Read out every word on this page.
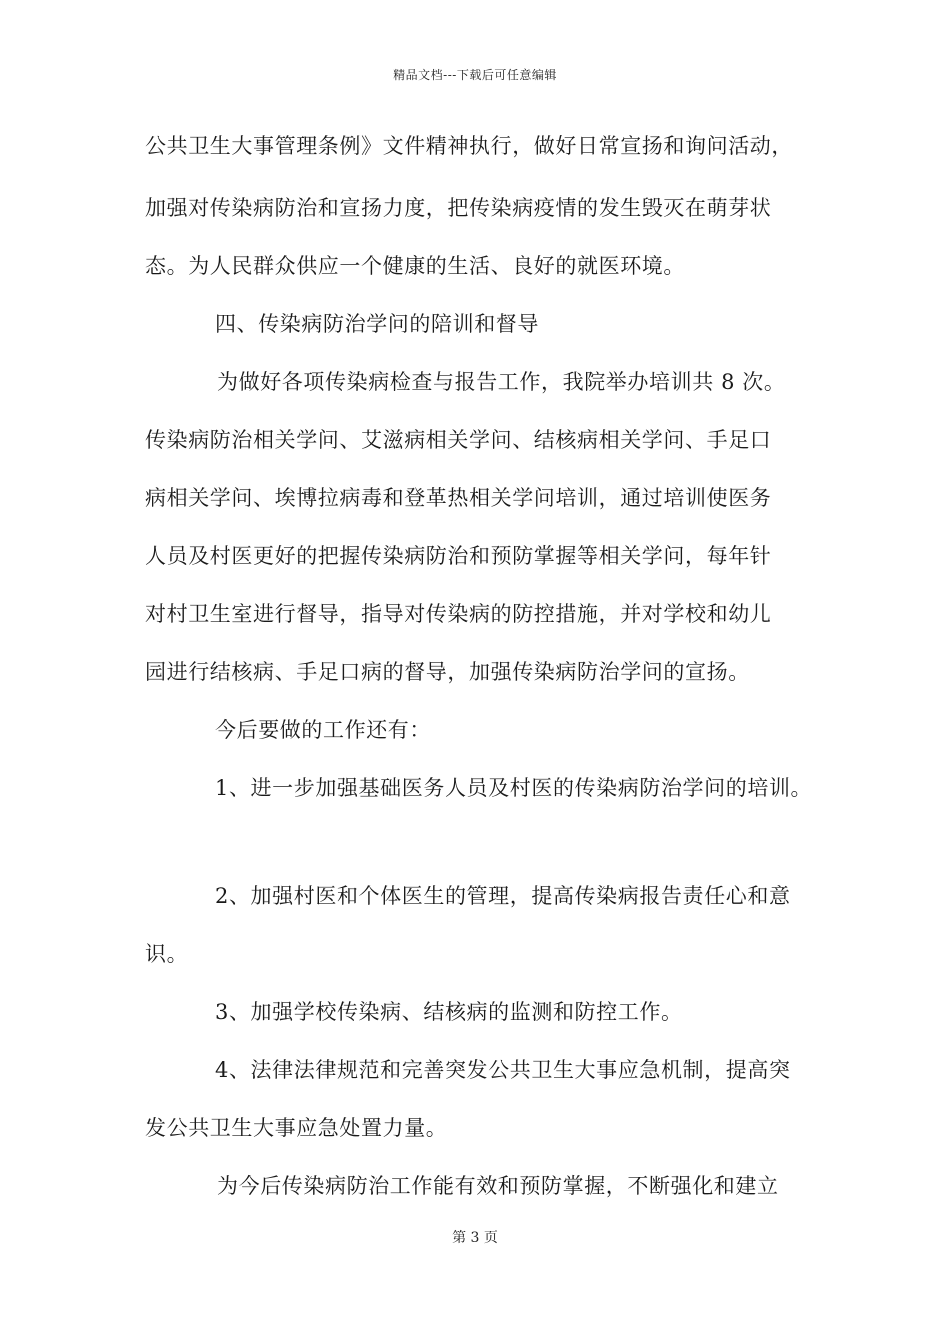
精品文档---下载后可任意编辑
公共卫生大事管理条例》文件精神执行，做好日常宣扬和询问活动，
加强对传染病防治和宣扬力度，把传染病疫情的发生毁灭在萌芽状
态。为人民群众供应一个健康的生活、良好的就医环境。
四、传染病防治学问的陪训和督导
为做好各项传染病检查与报告工作，我院举办培训共 8 次。
传染病防治相关学问、艾滋病相关学问、结核病相关学问、手足口
病相关学问、埃博拉病毒和登革热相关学问培训，通过培训使医务
人员及村医更好的把握传染病防治和预防掌握等相关学问，每年针
对村卫生室进行督导，指导对传染病的防控措施，并对学校和幼儿
园进行结核病、手足口病的督导，加强传染病防治学问的宣扬。
今后要做的工作还有：
1、进一步加强基础医务人员及村医的传染病防治学问的培训。
2、加强村医和个体医生的管理，提高传染病报告责任心和意
识。
3、加强学校传染病、结核病的监测和防控工作。
4、法律法律规范和完善突发公共卫生大事应急机制，提高突
发公共卫生大事应急处置力量。
为今后传染病防治工作能有效和预防掌握，不断强化和建立
第 3 页
